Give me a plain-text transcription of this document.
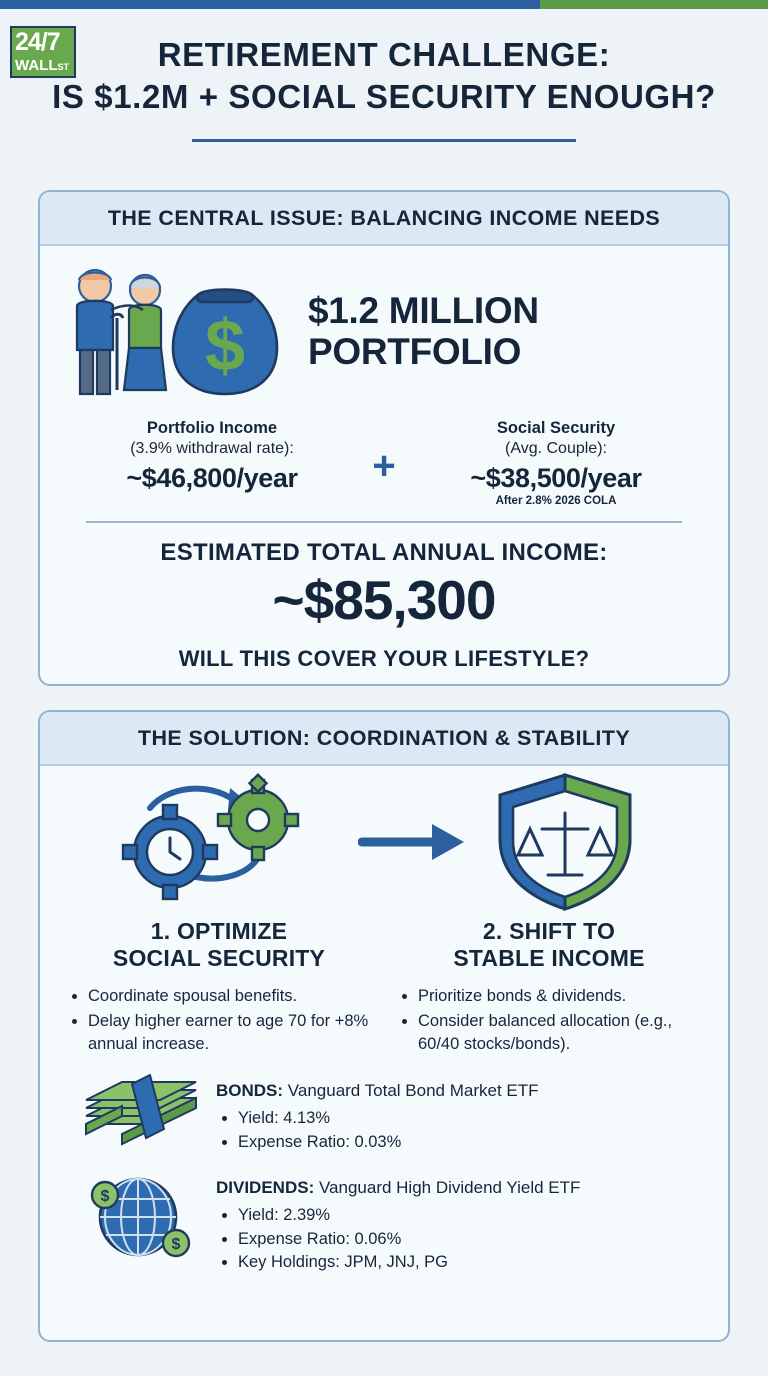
24/7
WALLST	RETIREMENT CHALLENGE:
IS $1.2M + SOCIAL SECURITY ENOUGH?
THE CENTRAL ISSUE: BALANCING INCOME NEEDS
$ $1.2 MILLION
PORTFOLIO
Portfolio Income
(3.9% withdrawal rate):
~$46,800/year	+
Social Security
(Avg. Couple):
~$38,500/year
After 2.8% 2026 COLA
ESTIMATED TOTAL ANNUAL INCOME:
~$85,300
WILL THIS COVER YOUR LIFESTYLE?
THE SOLUTION: COORDINATION & STABILITY
1. OPTIMIZE
SOCIAL SECURITY
• Coordinate spousal benefits.
• Delay higher earner to age 70 for +8% annual increase.
2. SHIFT TO
STABLE INCOME
• Prioritize bonds & dividends.
• Consider balanced allocation (e.g., 60/40 stocks/bonds).
BONDS: Vanguard Total Bond Market ETF
• Yield: 4.13%
• Expense Ratio: 0.03%
$
$
DIVIDENDS: Vanguard High Dividend Yield ETF
• Yield: 2.39%
• Expense Ratio: 0.06%
• Key Holdings: JPM, JNJ, PG
